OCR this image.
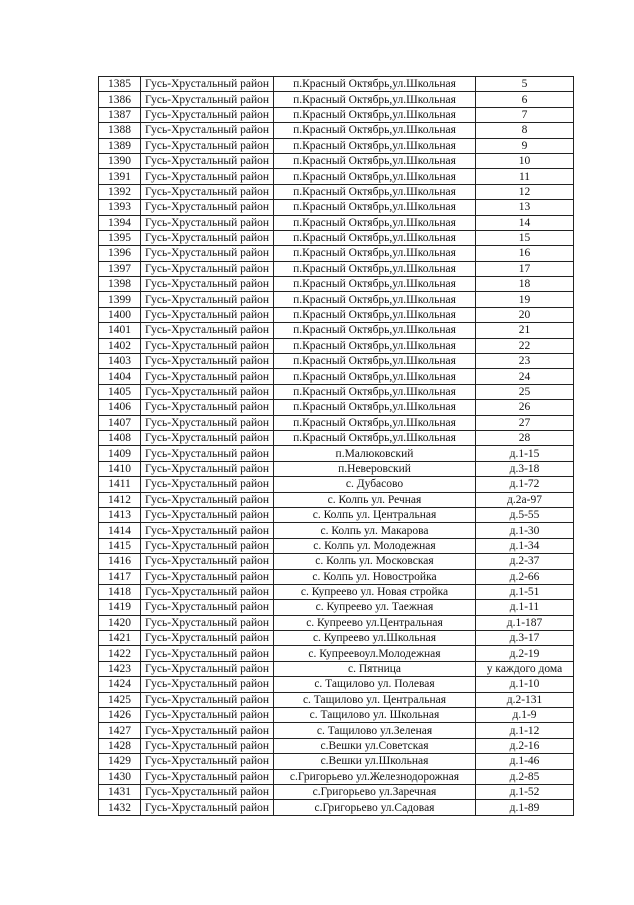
1385	Гусь-Хрустальный район	п.Красный Октябрь,ул.Школьная	5
1386	Гусь-Хрустальный район	п.Красный Октябрь,ул.Школьная	6
1387	Гусь-Хрустальный район	п.Красный Октябрь,ул.Школьная	7
1388	Гусь-Хрустальный район	п.Красный Октябрь,ул.Школьная	8
1389	Гусь-Хрустальный район	п.Красный Октябрь,ул.Школьная	9
1390	Гусь-Хрустальный район	п.Красный Октябрь,ул.Школьная	10
1391	Гусь-Хрустальный район	п.Красный Октябрь,ул.Школьная	11
1392	Гусь-Хрустальный район	п.Красный Октябрь,ул.Школьная	12
1393	Гусь-Хрустальный район	п.Красный Октябрь,ул.Школьная	13
1394	Гусь-Хрустальный район	п.Красный Октябрь,ул.Школьная	14
1395	Гусь-Хрустальный район	п.Красный Октябрь,ул.Школьная	15
1396	Гусь-Хрустальный район	п.Красный Октябрь,ул.Школьная	16
1397	Гусь-Хрустальный район	п.Красный Октябрь,ул.Школьная	17
1398	Гусь-Хрустальный район	п.Красный Октябрь,ул.Школьная	18
1399	Гусь-Хрустальный район	п.Красный Октябрь,ул.Школьная	19
1400	Гусь-Хрустальный район	п.Красный Октябрь,ул.Школьная	20
1401	Гусь-Хрустальный район	п.Красный Октябрь,ул.Школьная	21
1402	Гусь-Хрустальный район	п.Красный Октябрь,ул.Школьная	22
1403	Гусь-Хрустальный район	п.Красный Октябрь,ул.Школьная	23
1404	Гусь-Хрустальный район	п.Красный Октябрь,ул.Школьная	24
1405	Гусь-Хрустальный район	п.Красный Октябрь,ул.Школьная	25
1406	Гусь-Хрустальный район	п.Красный Октябрь,ул.Школьная	26
1407	Гусь-Хрустальный район	п.Красный Октябрь,ул.Школьная	27
1408	Гусь-Хрустальный район	п.Красный Октябрь,ул.Школьная	28
1409	Гусь-Хрустальный район	п.Малюковский	д.1-15
1410	Гусь-Хрустальный район	п.Неверовский	д.3-18
1411	Гусь-Хрустальный район	с. Дубасово	д.1-72
1412	Гусь-Хрустальный район	с. Колпь ул. Речная	д.2а-97
1413	Гусь-Хрустальный район	с. Колпь ул. Центральная	д.5-55
1414	Гусь-Хрустальный район	с. Колпь ул. Макарова	д.1-30
1415	Гусь-Хрустальный район	с. Колпь ул. Молодежная	д.1-34
1416	Гусь-Хрустальный район	с. Колпь ул. Московская	д.2-37
1417	Гусь-Хрустальный район	с. Колпь ул. Новостройка	д.2-66
1418	Гусь-Хрустальный район	с. Купреево ул. Новая стройка	д.1-51
1419	Гусь-Хрустальный район	с. Купреево ул. Таежная	д.1-11
1420	Гусь-Хрустальный район	с. Купреево ул.Центральная	д.1-187
1421	Гусь-Хрустальный район	с. Купреево ул.Школьная	д.3-17
1422	Гусь-Хрустальный район	с. Купреевоул.Молодежная	д.2-19
1423	Гусь-Хрустальный район	с. Пятница	у каждого дома
1424	Гусь-Хрустальный район	с. Тащилово ул. Полевая	д.1-10
1425	Гусь-Хрустальный район	с. Тащилово ул. Центральная	д.2-131
1426	Гусь-Хрустальный район	с. Тащилово ул. Школьная	д.1-9
1427	Гусь-Хрустальный район	с. Тащилово ул.Зеленая	д.1-12
1428	Гусь-Хрустальный район	с.Вешки ул.Советская	д.2-16
1429	Гусь-Хрустальный район	с.Вешки ул.Школьная	д.1-46
1430	Гусь-Хрустальный район	с.Григорьево ул.Железнодорожная	д.2-85
1431	Гусь-Хрустальный район	с.Григорьево ул.Заречная	д.1-52
1432	Гусь-Хрустальный район	с.Григорьево ул.Садовая	д.1-89
